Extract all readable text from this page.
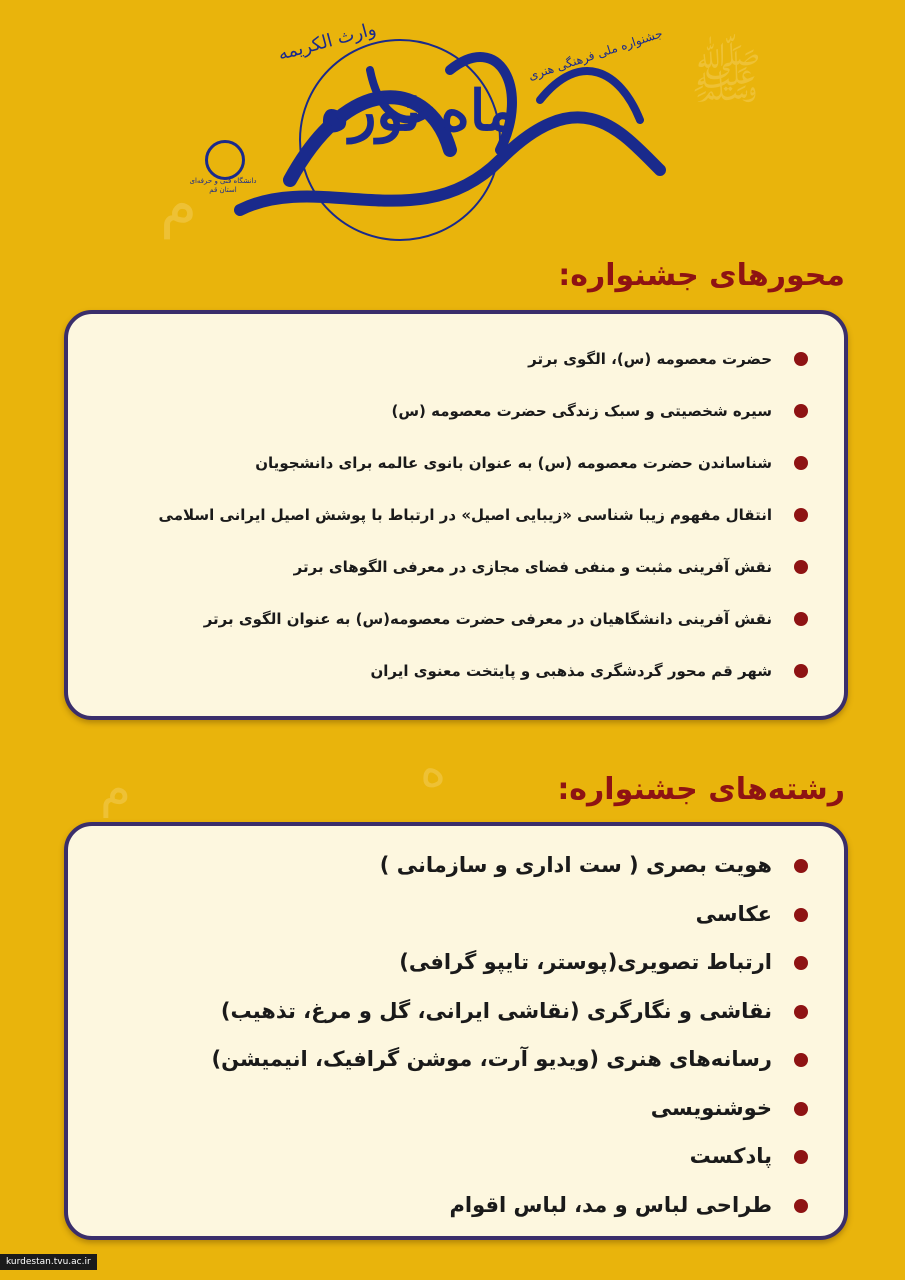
ﷺ
م	ه
م
ماه ثوره
جشنواره ملی فرهنگی هنری
وارث الکریمه
دانشگاه فنی و حرفه‌ای استان قم
محورهای جشنواره:
حضرت معصومه (س)، الگوی برتر
سیره شخصیتی و سبک زندگی حضرت معصومه (س)
شناساندن حضرت معصومه (س) به عنوان بانوی عالمه برای دانشجویان
انتقال مفهوم زیبا شناسی «زیبایی اصیل» در ارتباط با پوشش اصیل ایرانی اسلامی
نقش آفرینی مثبت و منفی فضای مجازی در معرفی الگوهای برتر
نقش آفرینی دانشگاهیان در معرفی حضرت معصومه(س) به عنوان الگوی برتر
شهر قم محور گردشگری مذهبی و پایتخت معنوی ایران
رشته‌های جشنواره:
هویت بصری ( ست اداری و سازمانی )
عکاسی
ارتباط تصویری(پوستر، تایپو گرافی)
نقاشی و نگارگری (نقاشی ایرانی، گل و مرغ، تذهیب)
رسانه‌های هنری (ویدیو آرت، موشن گرافیک، انیمیشن)
خوشنویسی
پادکست
طراحی لباس و مد، لباس اقوام
kurdestan.tvu.ac.ir
